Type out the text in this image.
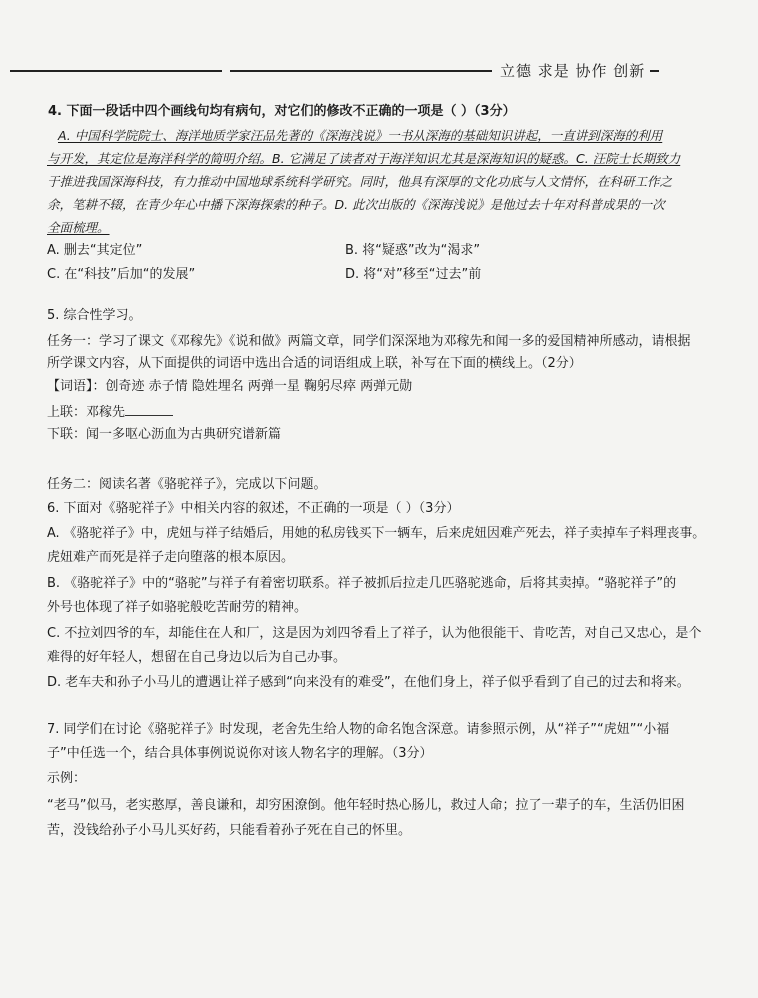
立德 求是 协作 创新
4. 下面一段话中四个画线句均有病句，对它们的修改不正确的一项是（ ）（3分）
A. 中国科学院院士、海洋地质学家汪品先著的《深海浅说》一书从深海的基础知识讲起，一直讲到深海的利用
与开发，其定位是海洋科学的简明介绍。B. 它满足了读者对于海洋知识尤其是深海知识的疑惑。C. 汪院士长期致力
于推进我国深海科技，有力推动中国地球系统科学研究。同时，他具有深厚的文化功底与人文情怀，在科研工作之
余，笔耕不辍，在青少年心中播下深海探索的种子。D. 此次出版的《深海浅说》是他过去十年对科普成果的一次
全面梳理。
A. 删去“其定位”	B. 将“疑惑”改为“渴求”
C. 在“科技”后加“的发展”	D. 将“对”移至“过去”前
5. 综合性学习。
任务一：学习了课文《邓稼先》《说和做》两篇文章，同学们深深地为邓稼先和闻一多的爱国精神所感动，请根据
所学课文内容，从下面提供的词语中选出合适的词语组成上联，补写在下面的横线上。（2分）
【词语】：创奇迹 赤子情 隐姓埋名 两弹一星 鞠躬尽瘁 两弹元勋
上联：邓稼先
下联：闻一多呕心沥血为古典研究谱新篇
任务二：阅读名著《骆驼祥子》，完成以下问题。
6. 下面对《骆驼祥子》中相关内容的叙述，不正确的一项是（ ）（3分）
A. 《骆驼祥子》中，虎妞与祥子结婚后，用她的私房钱买下一辆车，后来虎妞因难产死去，祥子卖掉车子料理丧事。
虎妞难产而死是祥子走向堕落的根本原因。
B. 《骆驼祥子》中的“骆驼”与祥子有着密切联系。祥子被抓后拉走几匹骆驼逃命，后将其卖掉。“骆驼祥子”的
外号也体现了祥子如骆驼般吃苦耐劳的精神。
C. 不拉刘四爷的车，却能住在人和厂，这是因为刘四爷看上了祥子，认为他很能干、肯吃苦，对自己又忠心，是个
难得的好年轻人，想留在自己身边以后为自己办事。
D. 老车夫和孙子小马儿的遭遇让祥子感到“向来没有的难受”，在他们身上，祥子似乎看到了自己的过去和将来。
7. 同学们在讨论《骆驼祥子》时发现，老舍先生给人物的命名饱含深意。请参照示例，从“祥子”“虎妞”“小福
子”中任选一个，结合具体事例说说你对该人物名字的理解。（3分）
示例：
“老马”似马，老实憨厚，善良谦和，却穷困潦倒。他年轻时热心肠儿，救过人命；拉了一辈子的车，生活仍旧困
苦，没钱给孙子小马儿买好药，只能看着孙子死在自己的怀里。
